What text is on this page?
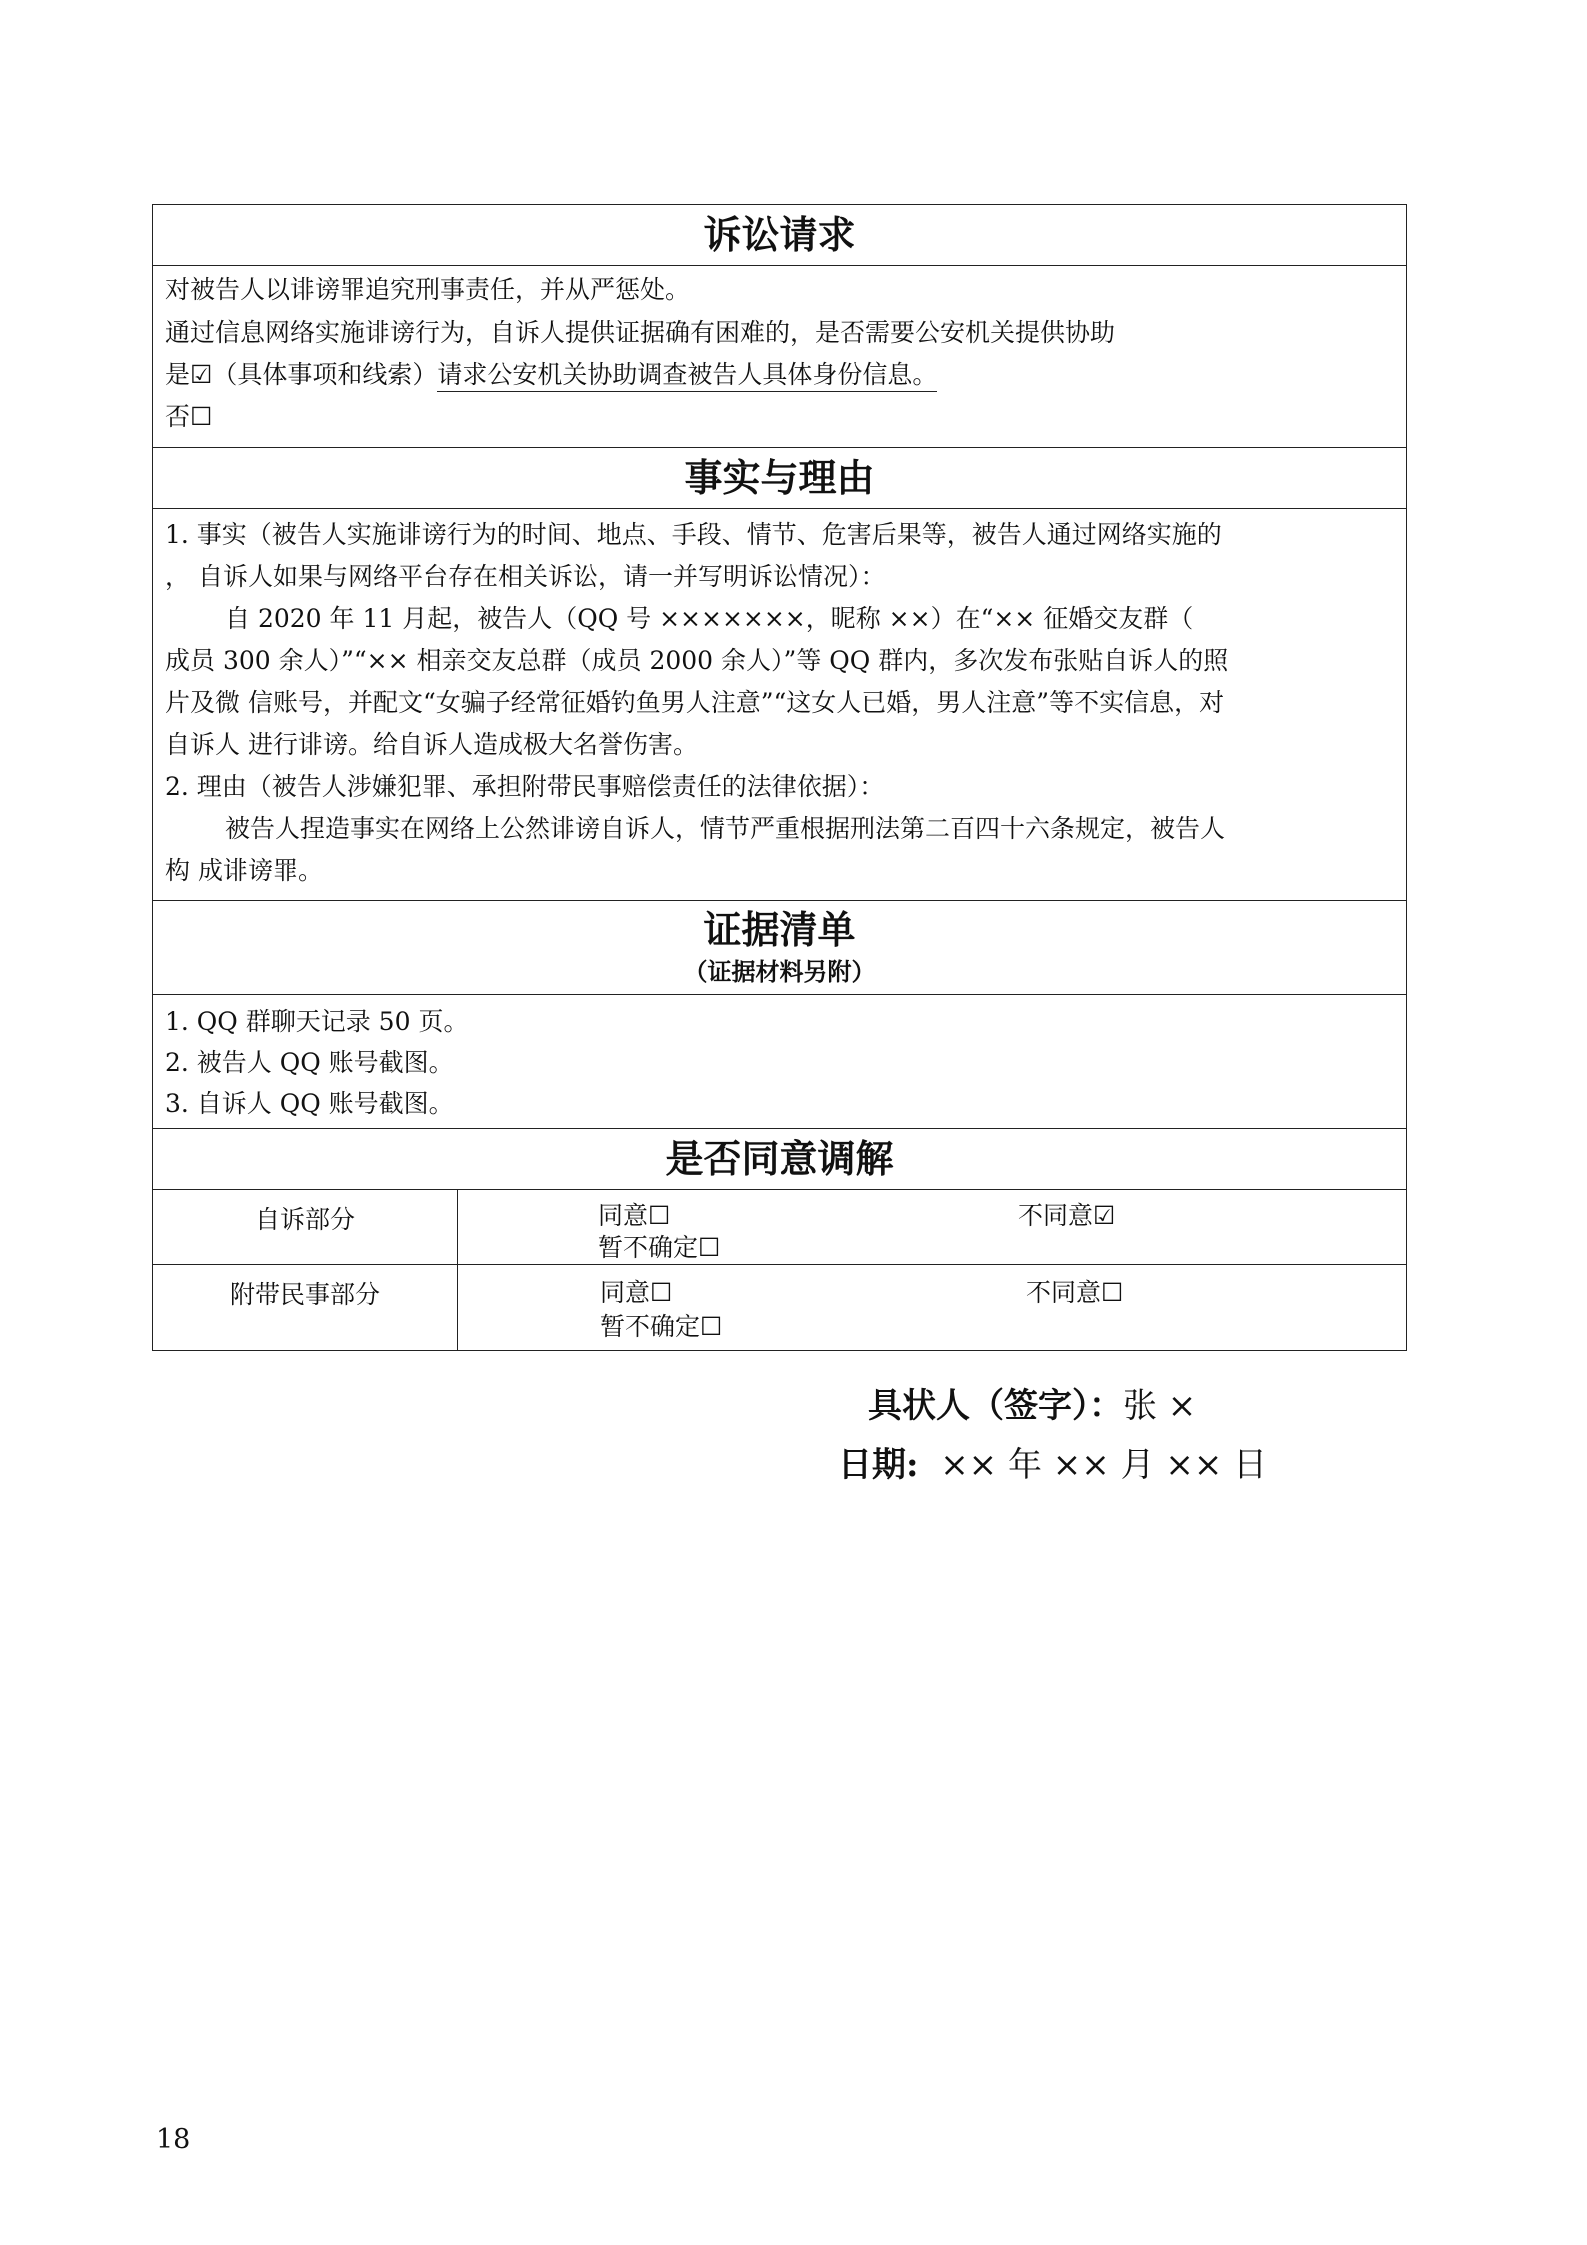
诉讼请求
对被告人以诽谤罪追究刑事责任，并从严惩处。
通过信息网络实施诽谤行为，自诉人提供证据确有困难的，是否需要公安机关提供协助
是☑（具体事项和线索）请求公安机关协助调查被告人具体身份信息。
否☐
事实与理由
1. 事实（被告人实施诽谤行为的时间、地点、手段、情节、危害后果等，被告人通过网络实施的
， 自诉人如果与网络平台存在相关诉讼，请一并写明诉讼情况）：
自 2020 年 11 月起，被告人（QQ 号 ×××××××，昵称 ××）在“×× 征婚交友群（
成员 300 余人）”“×× 相亲交友总群（成员 2000 余人）”等 QQ 群内，多次发布张贴自诉人的照
片及微 信账号，并配文“女骗子经常征婚钓鱼男人注意”“这女人已婚，男人注意”等不实信息，对
自诉人 进行诽谤。给自诉人造成极大名誉伤害。
2. 理由（被告人涉嫌犯罪、承担附带民事赔偿责任的法律依据）：
被告人捏造事实在网络上公然诽谤自诉人，情节严重根据刑法第二百四十六条规定，被告人
构 成诽谤罪。
证据清单
（证据材料另附）
1. QQ 群聊天记录 50 页。
2. 被告人 QQ 账号截图。
3. 自诉人 QQ 账号截图。
是否同意调解
自诉部分	同意☐	不同意☑
暂不确定☐
附带民事部分	同意☐	不同意☐
暂不确定☐
具状人（签字）：张 ×
日期: ×× 年 ×× 月 ×× 日
18
